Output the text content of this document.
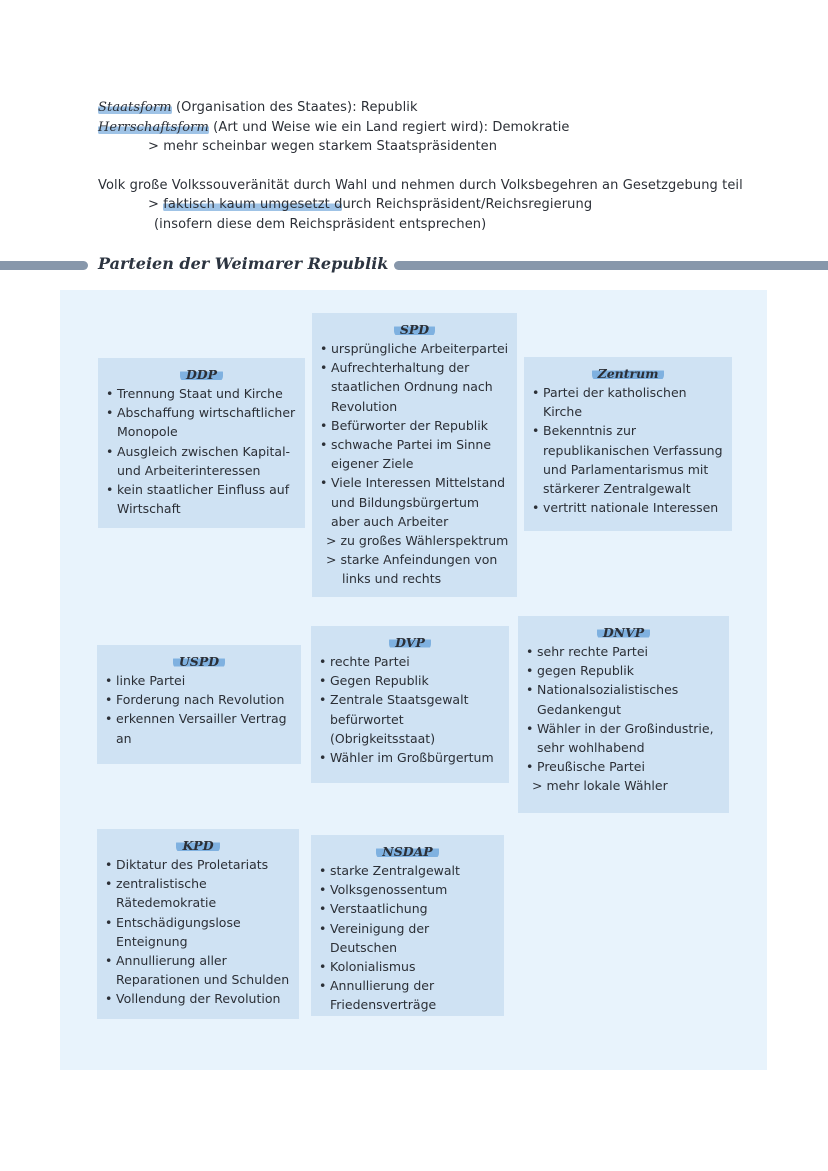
Staatsform (Organisation des Staates): Republik
Herrschaftsform (Art und Weise wie ein Land regiert wird): Demokratie
> mehr scheinbar wegen starkem Staatspräsidenten
Volk große Volkssouveränität durch Wahl und nehmen durch Volksbegehren an Gesetzgebung teil
> faktisch kaum umgesetzt durch Reichspräsident/Reichsregierung
(insofern diese dem Reichspräsident entsprechen)
Parteien der Weimarer Republik
DDP
• Trennung Staat und Kirche
• Abschaffung wirtschaftlicher Monopole
• Ausgleich zwischen Kapital- und Arbeiterinteressen
• kein staatlicher Einfluss auf Wirtschaft
SPD
• ursprüngliche Arbeiterpartei
• Aufrechterhaltung der staatlichen Ordnung nach Revolution
• Befürworter der Republik
• schwache Partei im Sinne eigener Ziele
• Viele Interessen Mittelstand und Bildungsbürgertum aber auch Arbeiter
> zu großes Wählerspektrum
> starke Anfeindungen von
links und rechts
Zentrum
• Partei der katholischen Kirche
• Bekenntnis zur republikanischen Verfassung und Parlamentarismus mit stärkerer Zentralgewalt
• vertritt nationale Interessen
USPD
• linke Partei
• Forderung nach Revolution
• erkennen Versailler Vertrag an
DVP
• rechte Partei
• Gegen Republik
• Zentrale Staatsgewalt befürwortet (Obrigkeitsstaat)
• Wähler im Großbürgertum
DNVP
• sehr rechte Partei
• gegen Republik
• Nationalsozialistisches Gedankengut
• Wähler in der Großindustrie, sehr wohlhabend
• Preußische Partei
> mehr lokale Wähler
KPD
• Diktatur des Proletariats
• zentralistische Rätedemokratie
• Entschädigungslose Enteignung
• Annullierung aller Reparationen und Schulden
• Vollendung der Revolution
NSDAP
• starke Zentralgewalt
• Volksgenossentum
• Verstaatlichung
• Vereinigung der Deutschen
• Kolonialismus
• Annullierung der Friedensverträge
